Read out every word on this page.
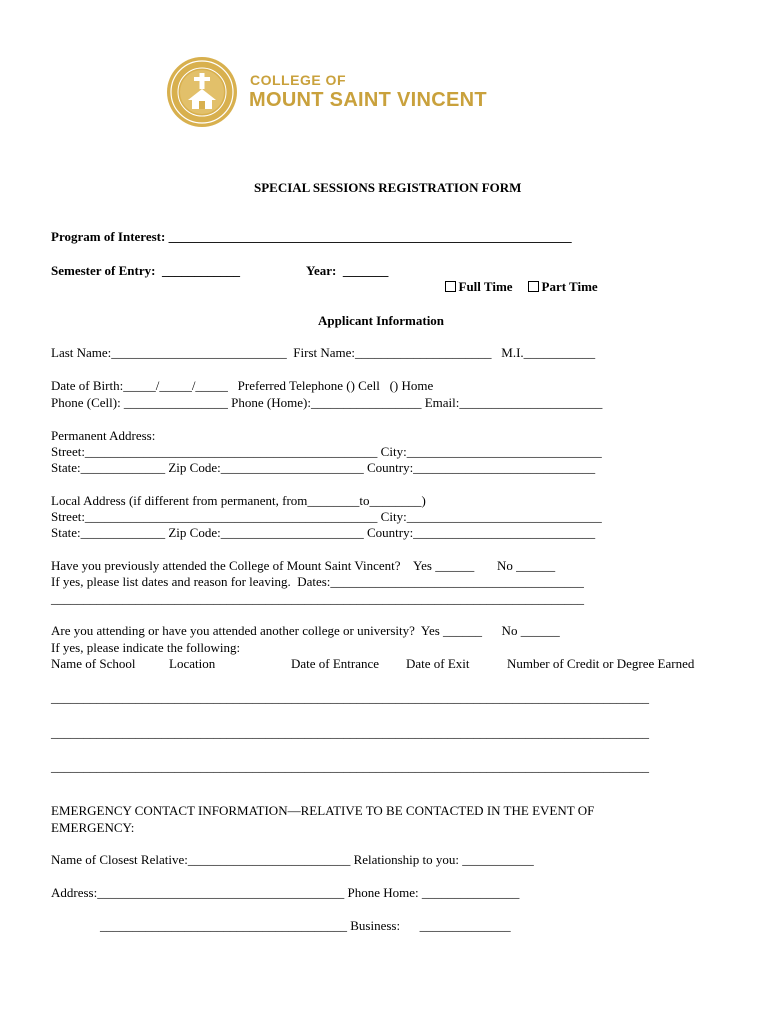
COLLEGE OF
MOUNT SAINT VINCENT
SPECIAL SESSIONS REGISTRATION FORM
Program of Interest: ______________________________________________________________
Semester of Entry:  ____________	Year:  _______

Full Time	Part Time

Applicant Information
Last Name:___________________________  First Name:_____________________   M.I.___________
Date of Birth:_____/_____/_____   Preferred Telephone () Cell   () Home
Phone (Cell): ________________ Phone (Home):_________________ Email:______________________
Permanent Address:
Street:_____________________________________________ City:______________________________
State:_____________ Zip Code:______________________ Country:____________________________
Local Address (if different from permanent, from________to________)
Street:_____________________________________________ City:______________________________
State:_____________ Zip Code:______________________ Country:____________________________
Have you previously attended the College of Mount Saint Vincent?    Yes ______       No ______
If yes, please list dates and reason for leaving.  Dates:_______________________________________
__________________________________________________________________________________
Are you attending or have you attended another college or university?  Yes ______      No ______
If yes, please indicate the following:
Name of School	Location	Date of Entrance Date of Exit	Number of Credit or Degree Earned
____________________________________________________________________________________________
____________________________________________________________________________________________
____________________________________________________________________________________________
EMERGENCY CONTACT INFORMATION—RELATIVE TO BE CONTACTED IN THE EVENT OF
EMERGENCY:
Name of Closest Relative:_________________________ Relationship to you: ___________
Address:______________________________________ Phone Home: _______________
______________________________________ Business:      ______________
